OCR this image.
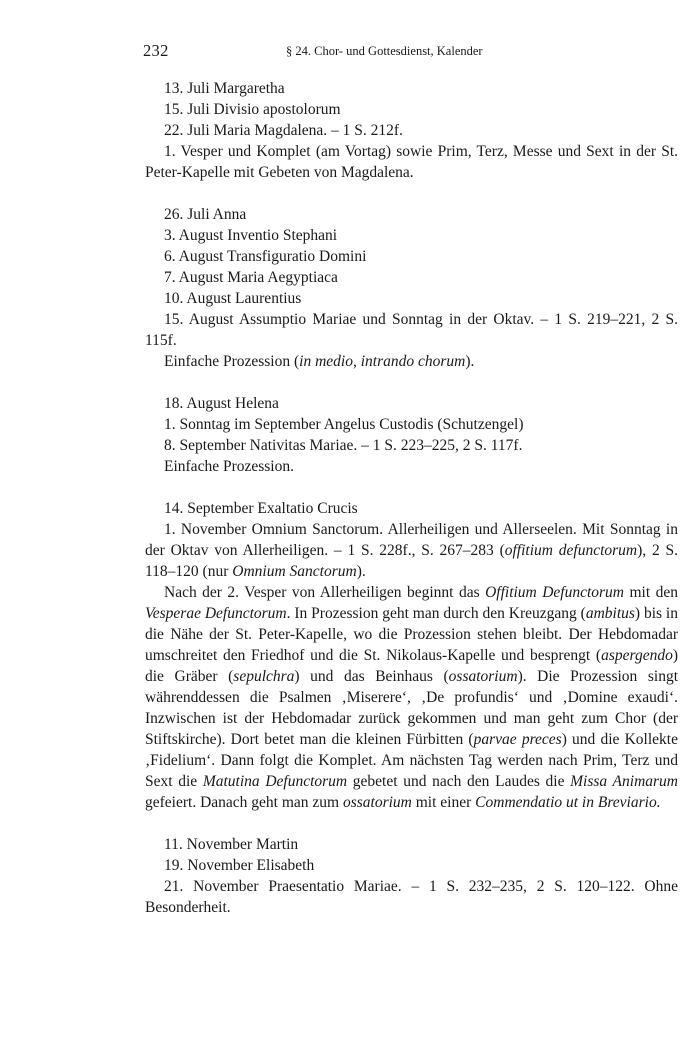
232	§ 24. Chor- und Gottesdienst, Kalender
13. Juli Margaretha
15. Juli Divisio apostolorum
22. Juli Maria Magdalena. – 1 S. 212f.

1. Vesper und Komplet (am Vortag) sowie Prim, Terz, Messe und Sext in der St. Peter-Kapelle mit Gebeten von Magdalena.

26. Juli Anna
3. August Inventio Stephani
6. August Transfiguratio Domini
7. August Maria Aegyptiaca
10. August Laurentius

15. August Assumptio Mariae und Sonntag in der Oktav. – 1 S. 219–221, 2 S. 115f.

Einfache Prozession (in medio, intrando chorum).
18. August Helena
1. Sonntag im September Angelus Custodis (Schutzengel)
8. September Nativitas Mariae. – 1 S. 223–225, 2 S. 117f.
Einfache Prozession.
14. September Exaltatio Crucis

1. November Omnium Sanctorum. Allerheiligen und Allerseelen. Mit Sonntag in der Oktav von Allerheiligen. – 1 S. 228f., S. 267–283 (offitium defunctorum), 2 S. 118–120 (nur Omnium Sanctorum).

Nach der 2. Vesper von Allerheiligen beginnt das Offitium Defunctorum mit den Vesperae Defunctorum. In Prozession geht man durch den Kreuzgang (ambitus) bis in die Nähe der St. Peter-Kapelle, wo die Prozession stehen bleibt. Der Hebdomadar umschreitet den Friedhof und die St. Nikolaus-Kapelle und besprengt (aspergendo) die Gräber (sepulchra) und das Beinhaus (ossatorium). Die Prozession singt währenddessen die Psalmen ‚Miserere‘, ‚De profundis‘ und ‚Domine exaudi‘. Inzwischen ist der Hebdomadar zurück gekommen und man geht zum Chor (der Stiftskirche). Dort betet man die kleinen Fürbitten (parvae preces) und die Kollekte ‚Fidelium‘. Dann folgt die Komplet. Am nächsten Tag werden nach Prim, Terz und Sext die Matutina Defunctorum gebetet und nach den Laudes die Missa Animarum gefeiert. Danach geht man zum ossatorium mit einer Commendatio ut in Breviario.

11. November Martin
19. November Elisabeth

21. November Praesentatio Mariae. – 1 S. 232–235, 2 S. 120–122. Ohne Besonderheit.
